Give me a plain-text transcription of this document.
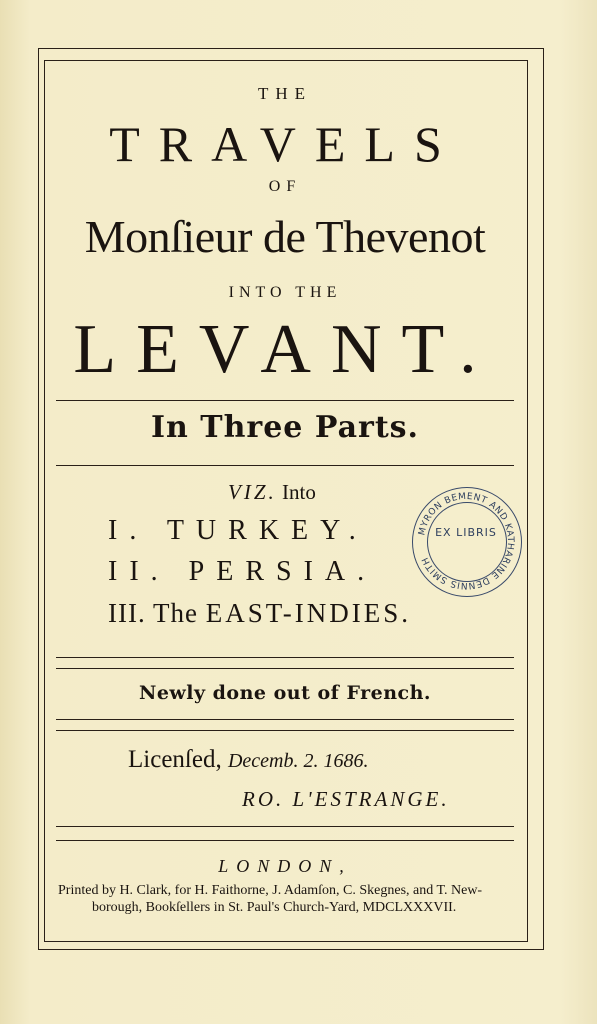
THE
TRAVELS
OF
Monſieur de Thevenot
INTO THE
LEVANT.
In Three Parts.
VIZ. Into
I. TURKEY.
II. PERSIA.
III. The EAST-INDIES.
MYRON BEMENT AND KATHARINE DENNIS SMITH
EX LIBRIS
Newly done out of French.
Licenſed, Decemb. 2. 1686.
RO. L'ESTRANGE.
LONDON,
Printed by H. Clark, for H. Faithorne, J. Adamſon, C. Skegnes, and T. New-
borough, Bookſellers in St. Paul's Church-Yard, MDCLXXXVII.
